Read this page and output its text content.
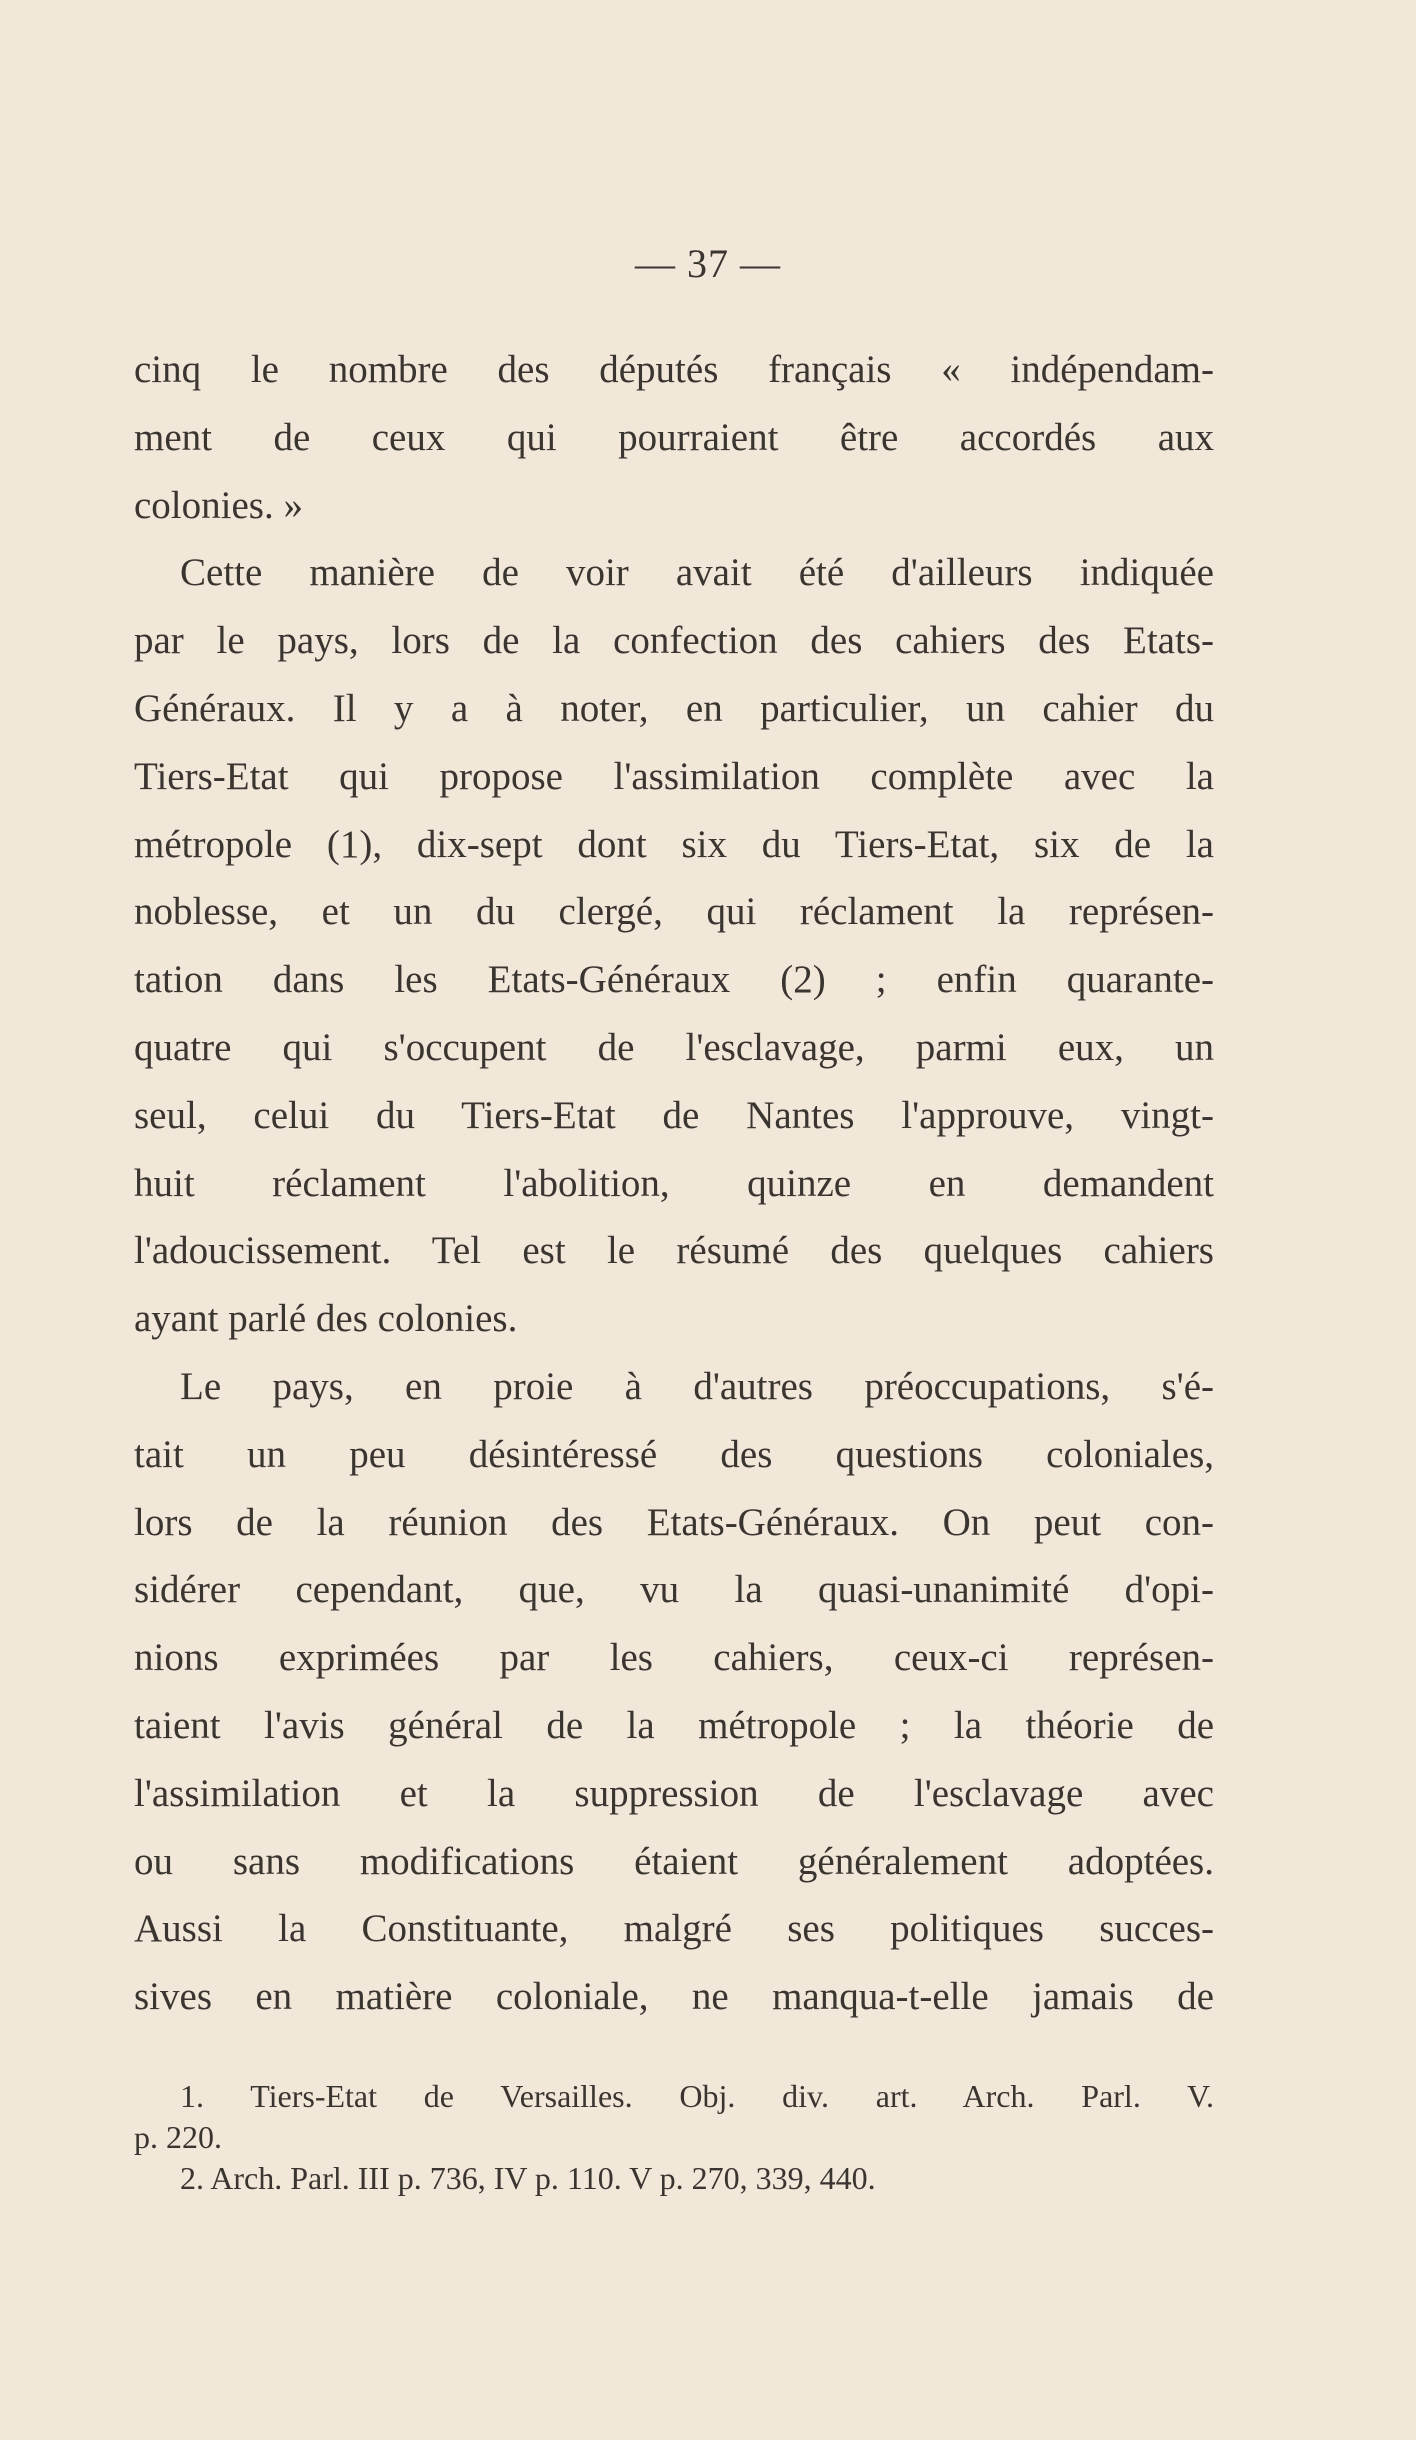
— 37 —
cinq le nombre des députés français « indépendam-
ment de ceux qui pourraient être accordés aux
colonies. »
Cette manière de voir avait été d'ailleurs indiquée
par le pays, lors de la confection des cahiers des Etats-
Généraux. Il y a à noter, en particulier, un cahier du
Tiers-Etat qui propose l'assimilation complète avec la
métropole (1), dix-sept dont six du Tiers-Etat, six de la
noblesse, et un du clergé, qui réclament la représen-
tation dans les Etats-Généraux (2) ; enfin quarante-
quatre qui s'occupent de l'esclavage, parmi eux, un
seul, celui du Tiers-Etat de Nantes l'approuve, vingt-
huit réclament l'abolition, quinze en demandent
l'adoucissement. Tel est le résumé des quelques cahiers
ayant parlé des colonies.
Le pays, en proie à d'autres préoccupations, s'é-
tait un peu désintéressé des questions coloniales,
lors de la réunion des Etats-Généraux. On peut con-
sidérer cependant, que, vu la quasi-unanimité d'opi-
nions exprimées par les cahiers, ceux-ci représen-
taient l'avis général de la métropole ; la théorie de
l'assimilation et la suppression de l'esclavage avec
ou sans modifications étaient généralement adoptées.
Aussi la Constituante, malgré ses politiques succes-
sives en matière coloniale, ne manqua-t-elle jamais de
1. Tiers-Etat de Versailles. Obj. div. art. Arch. Parl. V.
p. 220.
2. Arch. Parl. III p. 736, IV p. 110. V p. 270, 339, 440.
